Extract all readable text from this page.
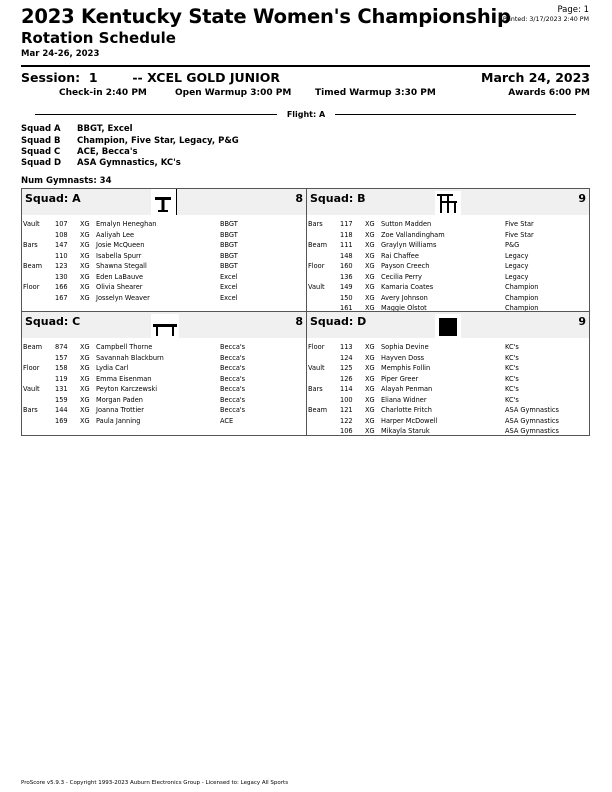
2023 Kentucky State Women's Championship
Rotation Schedule
Mar 24-26, 2023
Page: 1
Printed: 3/17/2023 2:40 PM
Session:  1        -- XCEL GOLD JUNIOR	March 24, 2023
Check-in 2:40 PM	Open Warmup 3:00 PM	Timed Warmup 3:30 PM	Awards 6:00 PM
Flight: A
Squad A BBGT, Excel
Squad B Champion, Five Star, Legacy, P&G
Squad C ACE, Becca's
Squad D ASA Gymnastics, KC's
Num Gymnasts: 34
Squad: A	8
Vault 107 XG Emalyn Heneghan	BBGT
108 XG Aaliyah Lee	BBGT
Bars	147 XG Josie McQueen	BBGT
110 XG Isabella Spurr	BBGT
Beam 123 XG Shawna Stegall	BBGT
130 XG Eden LaBauve	Excel
Floor 166 XG Olivia Shearer	Excel
167 XG Josselyn Weaver	Excel
Squad: B	9
Bars	117 XG Sutton Madden	Five Star
118 XG Zoe Vallandingham	Five Star
Beam 111 XG Graylyn Williams	P&G
148 XG Rai Chaffee	Legacy
Floor 160 XG Payson Creech	Legacy
136 XG Cecilia Perry	Legacy
Vault 149 XG Kamaria Coates	Champion
150 XG Avery Johnson	Champion
161 XG Maggie Olstot	Champion
Squad: C	8
Beam 874 XG Campbell Thorne	Becca's
157 XG Savannah Blackburn	Becca's
Floor 158 XG Lydia Carl	Becca's
119 XG Emma Eisenman	Becca's
Vault 131 XG Peyton Karczewski	Becca's
159 XG Morgan Paden	Becca's
Bars	144 XG Joanna Trottier	Becca's
169 XG Paula Janning	ACE
Squad: D	9
Floor 113 XG Sophia Devine	KC's
124 XG Hayven Doss	KC's
Vault 125 XG Memphis Follin	KC's
126 XG Piper Greer	KC's
Bars	114 XG Alayah Penman	KC's
100 XG Eliana Widner	KC's
Beam 121 XG Charlotte Fritch	ASA Gymnastics
122 XG Harper McDowell	ASA Gymnastics
106 XG Mikayla Staruk	ASA Gymnastics
ProScore v5.9.3 - Copyright 1993-2023 Auburn Electronics Group - Licensed to: Legacy All Sports
